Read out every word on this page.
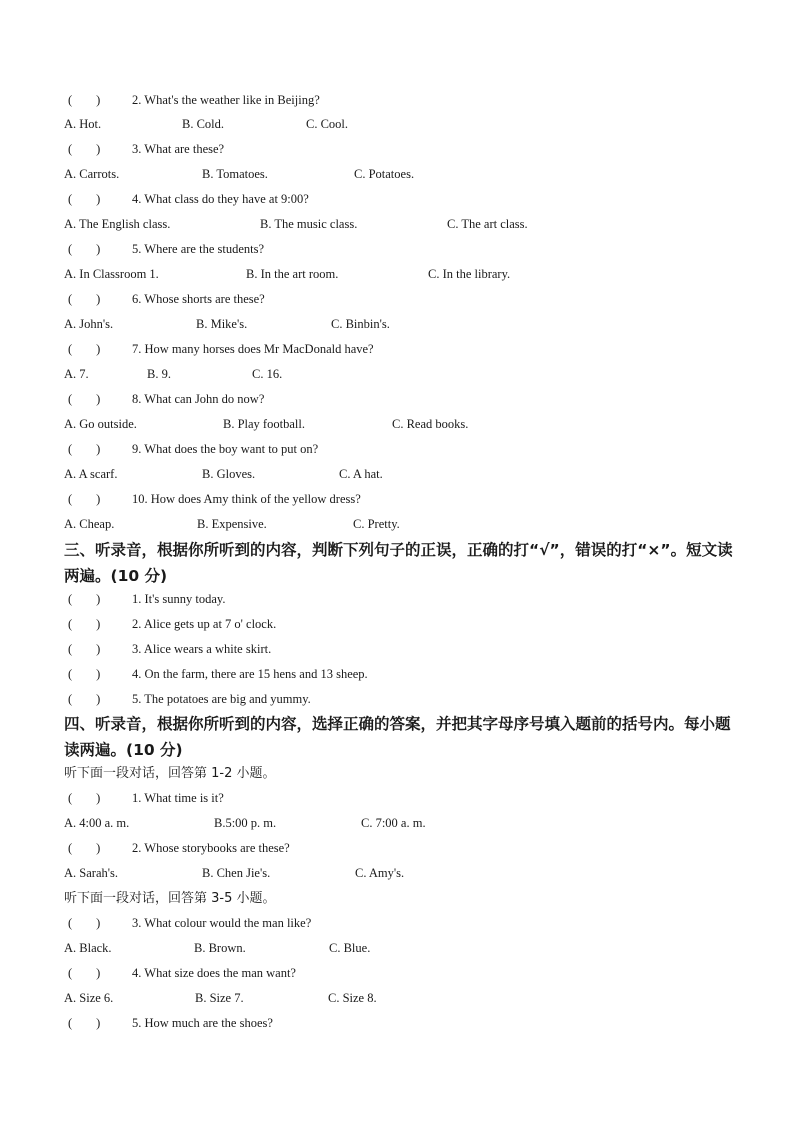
( )	2. What's the weather like in Beijing?
A. Hot.	B. Cold.	C. Cool.
( )	3. What are these?
A. Carrots.	B. Tomatoes.	C. Potatoes.
( )	4. What class do they have at 9:00?
A. The English class.	B. The music class.	C. The art class.
( )	5. Where are the students?
A. In Classroom 1.	B. In the art room.	C. In the library.
( )	6. Whose shorts are these?
A. John's.	B. Mike's.	C. Binbin's.
( )	7. How many horses does Mr MacDonald have?
A. 7.	B. 9.	C. 16.
( )	8. What can John do now?
A. Go outside.	B. Play football.	C. Read books.
( )	9. What does the boy want to put on?
A. A scarf.	B. Gloves.	C. A hat.
( )	10. How does Amy think of the yellow dress?
A. Cheap.	B. Expensive.	C. Pretty.
三、听录音，根据你所听到的内容，判断下列句子的正误，正确的打“√”，错误的打“×”。短文读两遍。(10 分)
( )	1. It's sunny today.
( )	2. Alice gets up at 7 o' clock.
( )	3. Alice wears a white skirt.
( )	4. On the farm, there are 15 hens and 13 sheep.
( )	5. The potatoes are big and yummy.
四、听录音，根据你所听到的内容，选择正确的答案，并把其字母序号填入题前的括号内。每小题读两遍。(10 分)
听下面一段对话，回答第 1-2 小题。
( )	1. What time is it?
A. 4:00 a. m.	B.5:00 p. m.	C. 7:00 a. m.
( )	2. Whose storybooks are these?
A. Sarah's.	B. Chen Jie's.	C. Amy's.
听下面一段对话，回答第 3-5 小题。
( )	3. What colour would the man like?
A. Black.	B. Brown.	C. Blue.
( )	4. What size does the man want?
A. Size 6.	B. Size 7.	C. Size 8.
( )	5. How much are the shoes?
